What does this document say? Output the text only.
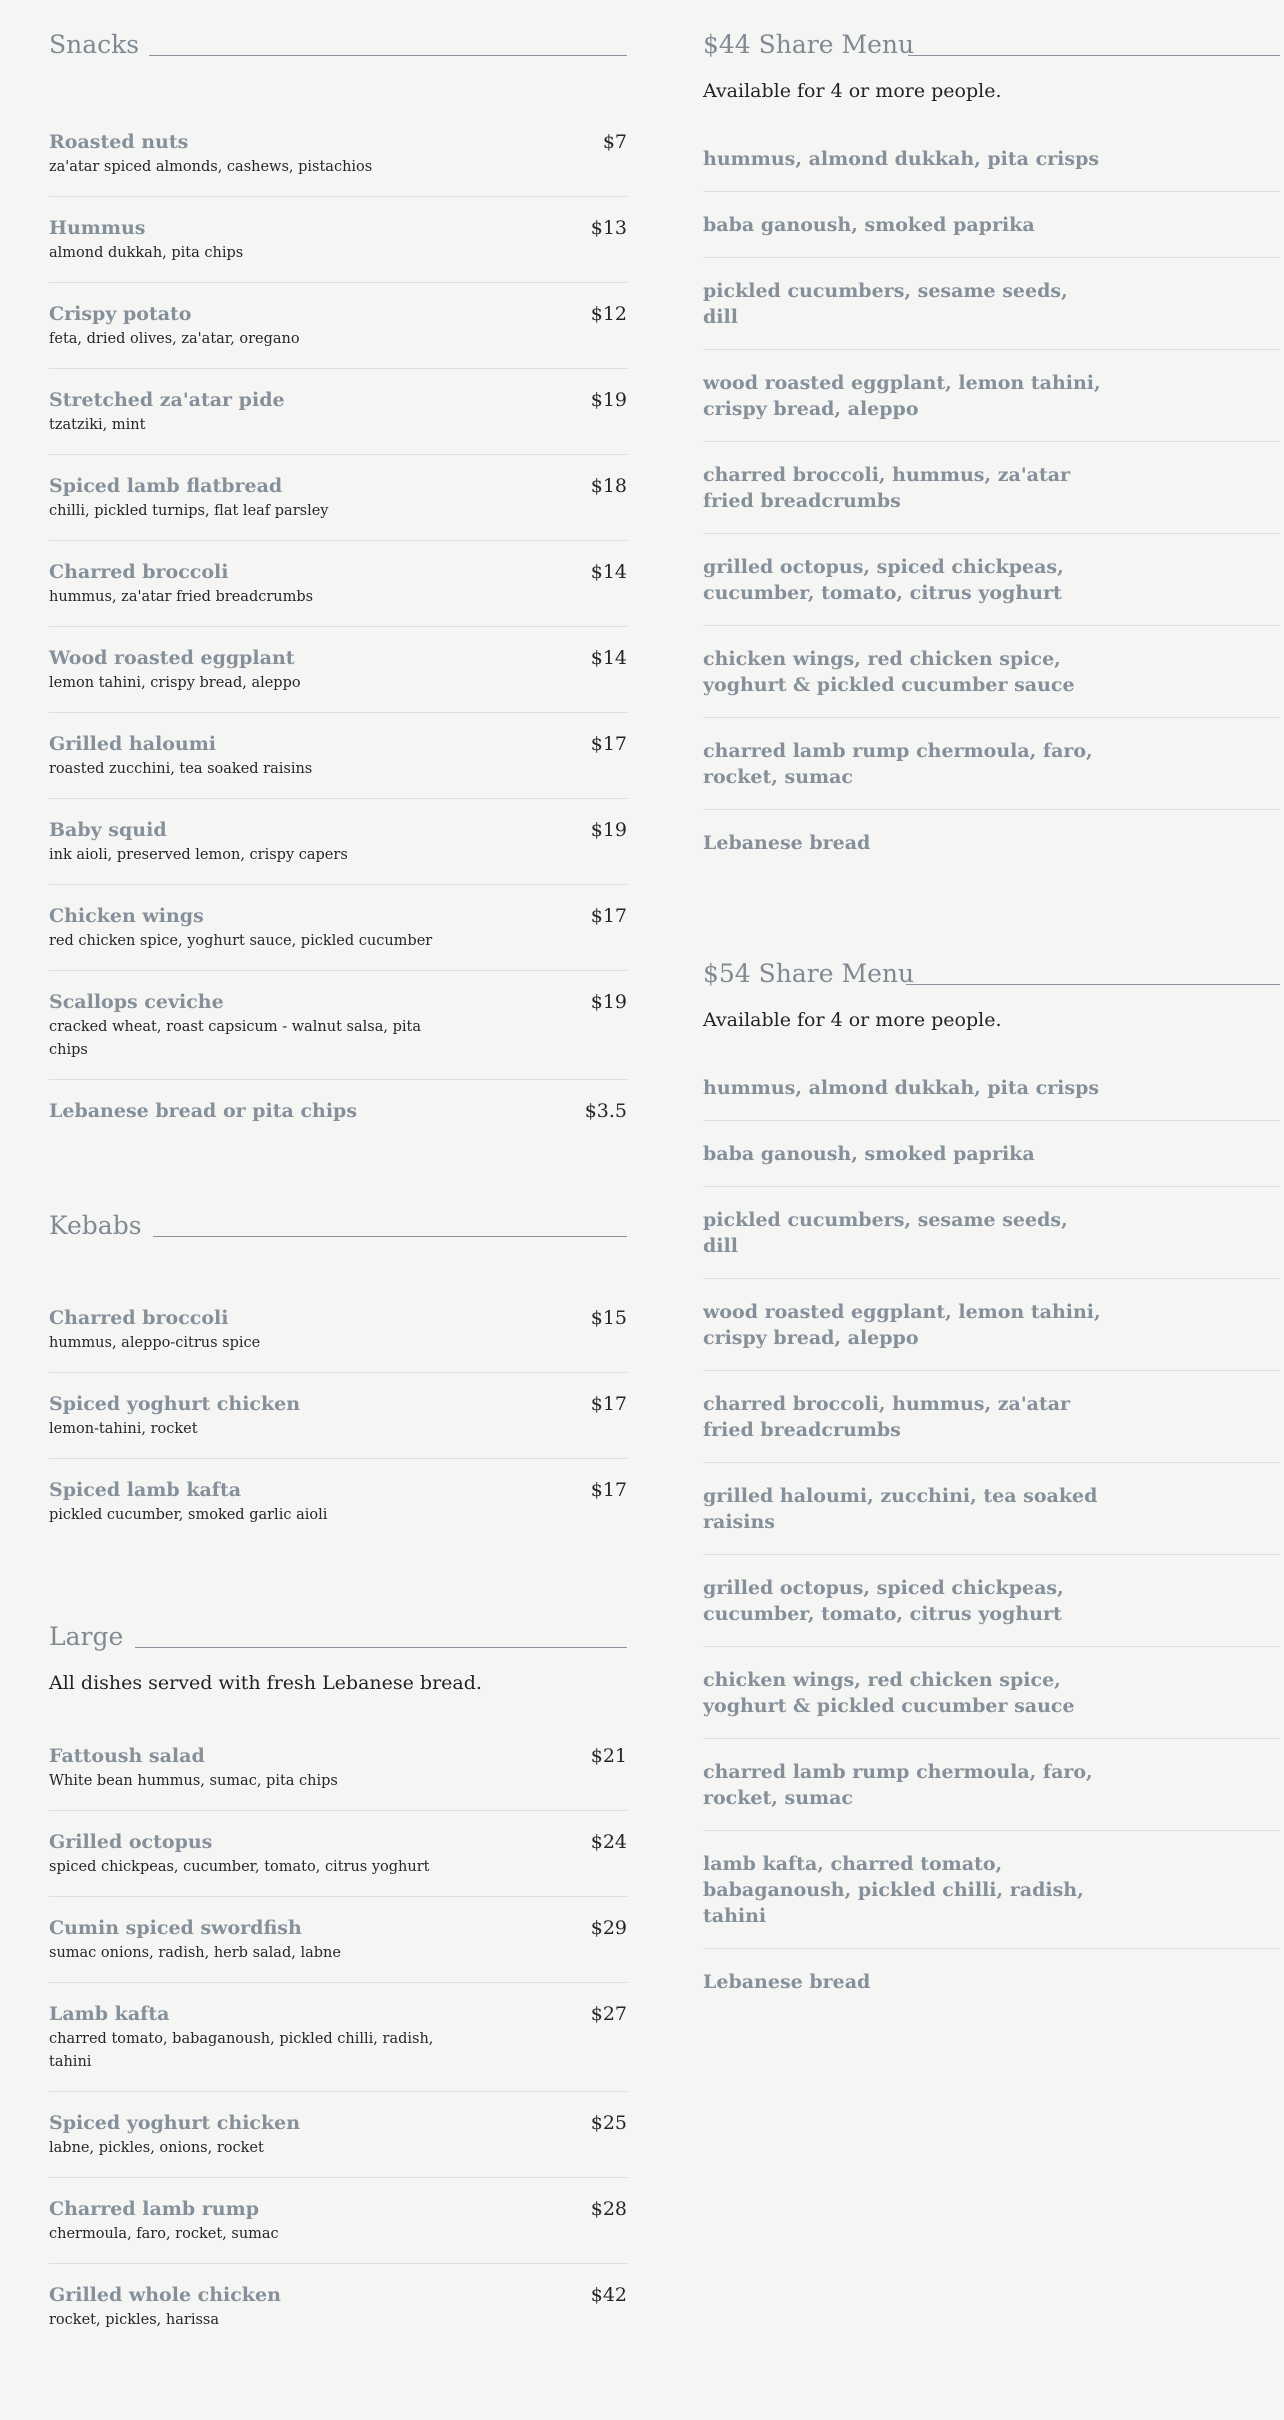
Snacks
Roasted nuts	$7
za'atar spiced almonds, cashews, pistachios
Hummus	$13
almond dukkah, pita chips
Crispy potato	$12
feta, dried olives, za'atar, oregano
Stretched za'atar pide	$19
tzatziki, mint
Spiced lamb flatbread	$18
chilli, pickled turnips, flat leaf parsley
Charred broccoli	$14
hummus, za'atar fried breadcrumbs
Wood roasted eggplant	$14
lemon tahini, crispy bread, aleppo
Grilled haloumi	$17
roasted zucchini, tea soaked raisins
Baby squid	$19
ink aioli, preserved lemon, crispy capers
Chicken wings	$17
red chicken spice, yoghurt sauce, pickled cucumber
Scallops ceviche	$19
cracked wheat, roast capsicum - walnut salsa, pita chips
Lebanese bread or pita chips	$3.5
Kebabs
Charred broccoli	$15
hummus, aleppo-citrus spice
Spiced yoghurt chicken	$17
lemon-tahini, rocket
Spiced lamb kafta	$17
pickled cucumber, smoked garlic aioli
Large
All dishes served with fresh Lebanese bread.
Fattoush salad	$21
White bean hummus, sumac, pita chips
Grilled octopus	$24
spiced chickpeas, cucumber, tomato, citrus yoghurt
Cumin spiced swordfish	$29
sumac onions, radish, herb salad, labne
Lamb kafta	$27
charred tomato, babaganoush, pickled chilli, radish, tahini
Spiced yoghurt chicken	$25
labne, pickles, onions, rocket
Charred lamb rump	$28
chermoula, faro, rocket, sumac
Grilled whole chicken	$42
rocket, pickles, harissa
$44 Share Menu
Available for 4 or more people.
hummus, almond dukkah, pita crisps
baba ganoush, smoked paprika
pickled cucumbers, sesame seeds, dill
wood roasted eggplant, lemon tahini, crispy bread, aleppo
charred broccoli, hummus, za'atar fried breadcrumbs
grilled octopus, spiced chickpeas, cucumber, tomato, citrus yoghurt
chicken wings, red chicken spice, yoghurt & pickled cucumber sauce
charred lamb rump chermoula, faro, rocket, sumac
Lebanese bread
$54 Share Menu
Available for 4 or more people.
hummus, almond dukkah, pita crisps
baba ganoush, smoked paprika
pickled cucumbers, sesame seeds, dill
wood roasted eggplant, lemon tahini, crispy bread, aleppo
charred broccoli, hummus, za'atar fried breadcrumbs
grilled haloumi, zucchini, tea soaked raisins
grilled octopus, spiced chickpeas, cucumber, tomato, citrus yoghurt
chicken wings, red chicken spice, yoghurt & pickled cucumber sauce
charred lamb rump chermoula, faro, rocket, sumac
lamb kafta, charred tomato, babaganoush, pickled chilli, radish, tahini
Lebanese bread
